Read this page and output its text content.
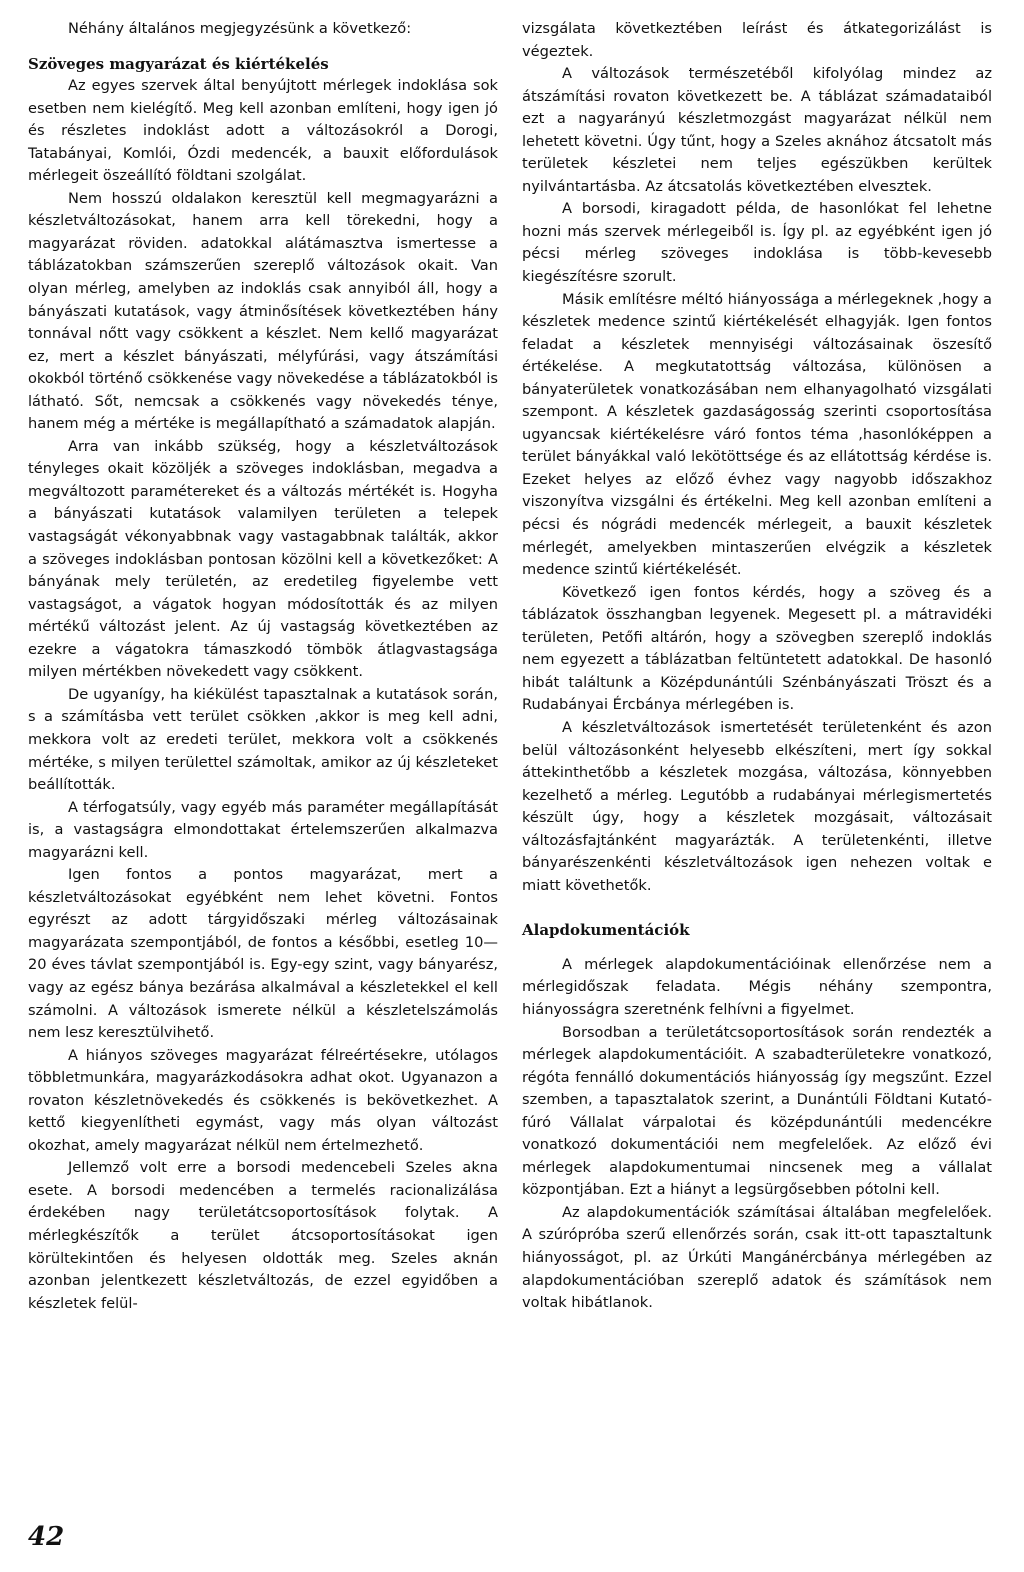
Néhány általános megjegyzésünk a következő:

Szöveges magyarázat és kiértékelés

Az egyes szervek által benyújtott mérlegek indoklása sok esetben nem kielégítő. Meg kell azonban említeni, hogy igen jó és részletes indoklást adott a változásokról a Dorogi, Tatabányai, Komlói, Ózdi medencék, a bauxit előfordulások mérlegeit öszeállító földtani szolgálat.

Nem hosszú oldalakon keresztül kell megmagyarázni a készletváltozásokat, hanem arra kell törekedni, hogy a magyarázat röviden. adatokkal alátámasztva ismertesse a táblázatokban számszerűen szereplő változások okait. Van olyan mérleg, amelyben az indoklás csak annyiból áll, hogy a bányászati kutatások, vagy átminősítések következtében hány tonnával nőtt vagy csökkent a készlet. Nem kellő magyarázat ez, mert a készlet bányászati, mélyfúrási, vagy átszámítási okokból történő csökkenése vagy növekedése a táblázatokból is látható. Sőt, nemcsak a csökkenés vagy növekedés ténye, hanem még a mértéke is megállapítható a számadatok alapján.

Arra van inkább szükség, hogy a készletváltozások tényleges okait közöljék a szöveges indoklásban, megadva a megváltozott paramétereket és a változás mértékét is. Hogyha a bányászati kutatások valamilyen területen a telepek vastagságát vékonyabbnak vagy vastagabbnak találták, akkor a szöveges indoklásban pontosan közölni kell a következőket: A bányának mely területén, az eredetileg figyelembe vett vastagságot, a vágatok hogyan módosították és az milyen mértékű változást jelent. Az új vastagság következtében az ezekre a vágatokra támaszkodó tömbök átlagvastagsága milyen mértékben növekedett vagy csökkent.

De ugyanígy, ha kiékülést tapasztalnak a kutatások során, s a számításba vett terület csökken ,akkor is meg kell adni, mekkora volt az eredeti terület, mekkora volt a csökkenés mértéke, s milyen területtel számoltak, amikor az új készleteket beállították.

A térfogatsúly, vagy egyéb más paraméter megállapítását is, a vastagságra elmondottakat értelemszerűen alkalmazva magyarázni kell.

Igen fontos a pontos magyarázat, mert a készletváltozásokat egyébként nem lehet követni. Fontos egyrészt az adott tárgyidőszaki mérleg változásainak magyarázata szempontjából, de fontos a későbbi, esetleg 10—20 éves távlat szempontjából is. Egy-egy szint, vagy bányarész, vagy az egész bánya bezárása alkalmával a készletekkel el kell számolni. A változások ismerete nélkül a készletelszámolás nem lesz keresztülvihető.

A hiányos szöveges magyarázat félreértésekre, utólagos többletmunkára, magyarázkodásokra adhat okot. Ugyanazon a rovaton készletnövekedés és csökkenés is bekövetkezhet. A kettő kiegyenlítheti egymást, vagy más olyan változást okozhat, amely magyarázat nélkül nem értelmezhető.

Jellemző volt erre a borsodi medencebeli Szeles akna esete. A borsodi medencében a termelés racionalizálása érdekében nagy területátcsoportosítások folytak. A mérlegkészítők a terület átcsoportosításokat igen körültekintően és helyesen oldották meg. Szeles aknán azonban jelentkezett készletváltozás, de ezzel egyidőben a készletek felül-

vizsgálata következtében leírást és átkategorizálást is végeztek.

A változások természetéből kifolyólag mindez az átszámítási rovaton következett be. A táblázat számadataiból ezt a nagyarányú készletmozgást magyarázat nélkül nem lehetett követni. Úgy tűnt, hogy a Szeles aknához átcsatolt más területek készletei nem teljes egészükben kerültek nyilvántartásba. Az átcsatolás következtében elvesztek.

A borsodi, kiragadott példa, de hasonlókat fel lehetne hozni más szervek mérlegeiből is. Így pl. az egyébként igen jó pécsi mérleg szöveges indoklása is több-kevesebb kiegészítésre szorult.

Másik említésre méltó hiányossága a mérlegeknek ,hogy a készletek medence szintű kiértékelését elhagyják. Igen fontos feladat a készletek mennyiségi változásainak öszesítő értékelése. A megkutatottság változása, különösen a bányaterületek vonatkozásában nem elhanyagolható vizsgálati szempont. A készletek gazdaságosság szerinti csoportosítása ugyancsak kiértékelésre váró fontos téma ,hasonlóképpen a terület bányákkal való lekötöttsége és az ellátottság kérdése is. Ezeket helyes az előző évhez vagy nagyobb időszakhoz viszonyítva vizsgálni és értékelni. Meg kell azonban említeni a pécsi és nógrádi medencék mérlegeit, a bauxit készletek mérlegét, amelyekben mintaszerűen elvégzik a készletek medence szintű kiértékelését.

Következő igen fontos kérdés, hogy a szöveg és a táblázatok összhangban legyenek. Megesett pl. a mátravidéki területen, Petőfi altárón, hogy a szövegben szereplő indoklás nem egyezett a táblázatban feltüntetett adatokkal. De hasonló hibát találtunk a Középdunántúli Szénbányászati Tröszt és a Rudabányai Ércbánya mérlegében is.

A készletváltozások ismertetését területenként és azon belül változásonként helyesebb elkészíteni, mert így sokkal áttekinthetőbb a készletek mozgása, változása, könnyebben kezelhető a mérleg. Legutóbb a rudabányai mérlegismertetés készült úgy, hogy a készletek mozgásait, változásait változásfajtánként magyarázták. A területenkénti, illetve bányarészenkénti készletváltozások igen nehezen voltak e miatt követhetők.

Alapdokumentációk

A mérlegek alapdokumentációinak ellenőrzése nem a mérlegidőszak feladata. Mégis néhány szempontra, hiányosságra szeretnénk felhívni a figyelmet.

Borsodban a területátcsoportosítások során rendezték a mérlegek alapdokumentációit. A szabadterületekre vonatkozó, régóta fennálló dokumentációs hiányosság így megszűnt. Ezzel szemben, a tapasztalatok szerint, a Dunántúli Földtani Kutató-fúró Vállalat várpalotai és középdunántúli medencékre vonatkozó dokumentációi nem megfelelőek. Az előző évi mérlegek alapdokumentumai nincsenek meg a vállalat központjában. Ezt a hiányt a legsürgősebben pótolni kell.

Az alapdokumentációk számításai általában megfelelőek. A szúrópróba szerű ellenőrzés során, csak itt-ott tapasztaltunk hiányosságot, pl. az Úrkúti Mangánércbánya mérlegében az alapdokumentációban szereplő adatok és számítások nem voltak hibátlanok.

42
